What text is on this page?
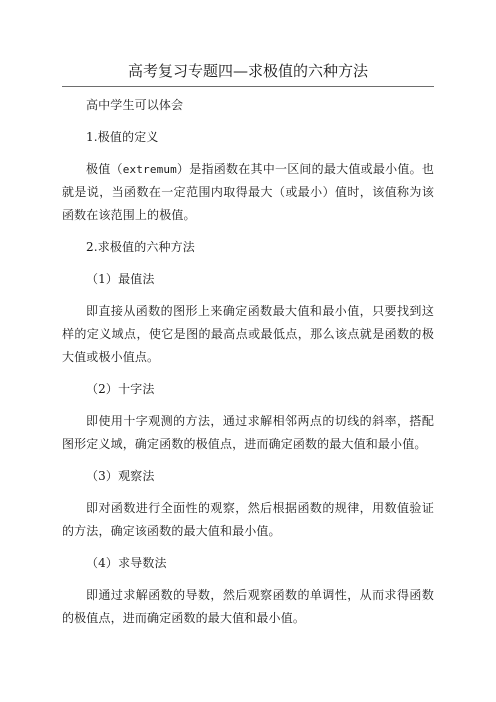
高考复习专题四—求极值的六种方法

高中学生可以体会

1.极值的定义

极值（extremum）是指函数在其中一区间的最大值或最小值。也就是说，当函数在一定范围内取得最大（或最小）值时，该值称为该函数在该范围上的极值。

2.求极值的六种方法

（1）最值法

即直接从函数的图形上来确定函数最大值和最小值，只要找到这样的定义域点，使它是图的最高点或最低点，那么该点就是函数的极大值或极小值点。

（2）十字法

即使用十字观测的方法，通过求解相邻两点的切线的斜率，搭配图形定义域，确定函数的极值点，进而确定函数的最大值和最小值。

（3）观察法

即对函数进行全面性的观察，然后根据函数的规律，用数值验证的方法，确定该函数的最大值和最小值。

（4）求导数法

即通过求解函数的导数，然后观察函数的单调性，从而求得函数的极值点，进而确定函数的最大值和最小值。
